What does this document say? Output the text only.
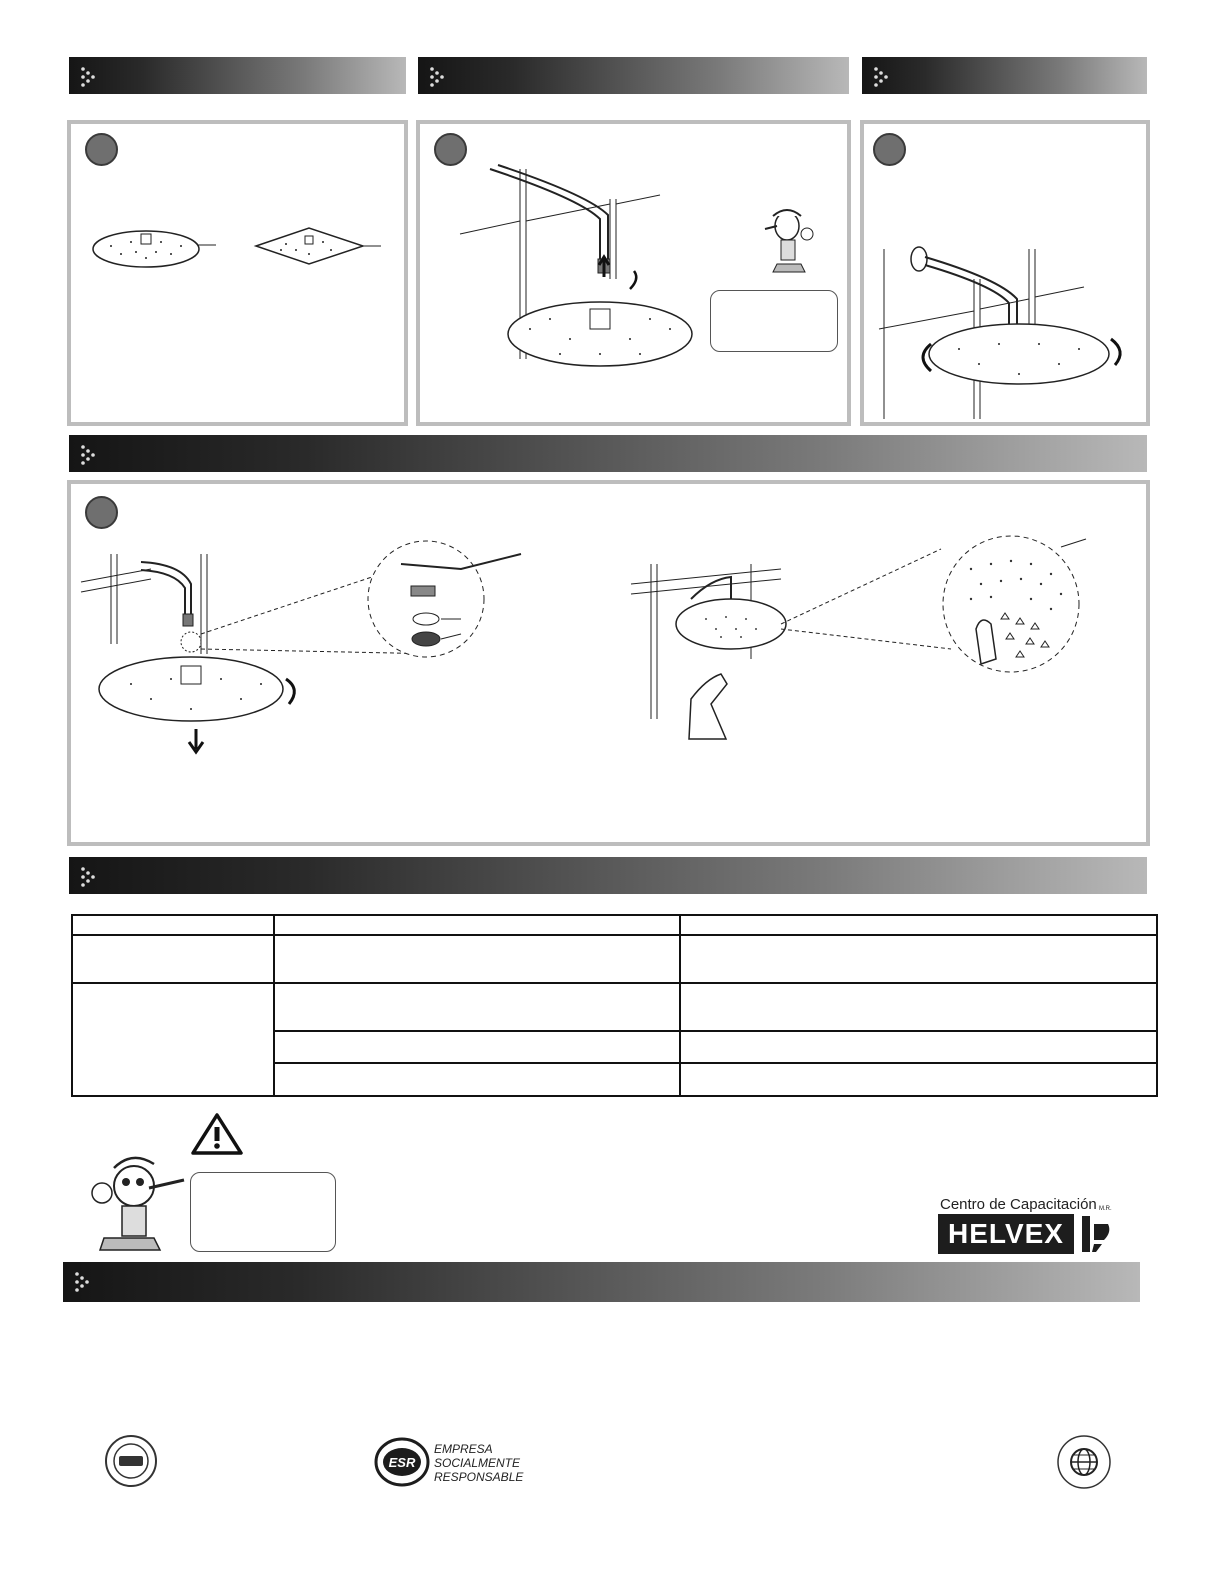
Centro de Capacitación
HELVEX
M.R.
ESR
EMPRESA
SOCIALMENTE
RESPONSABLE
